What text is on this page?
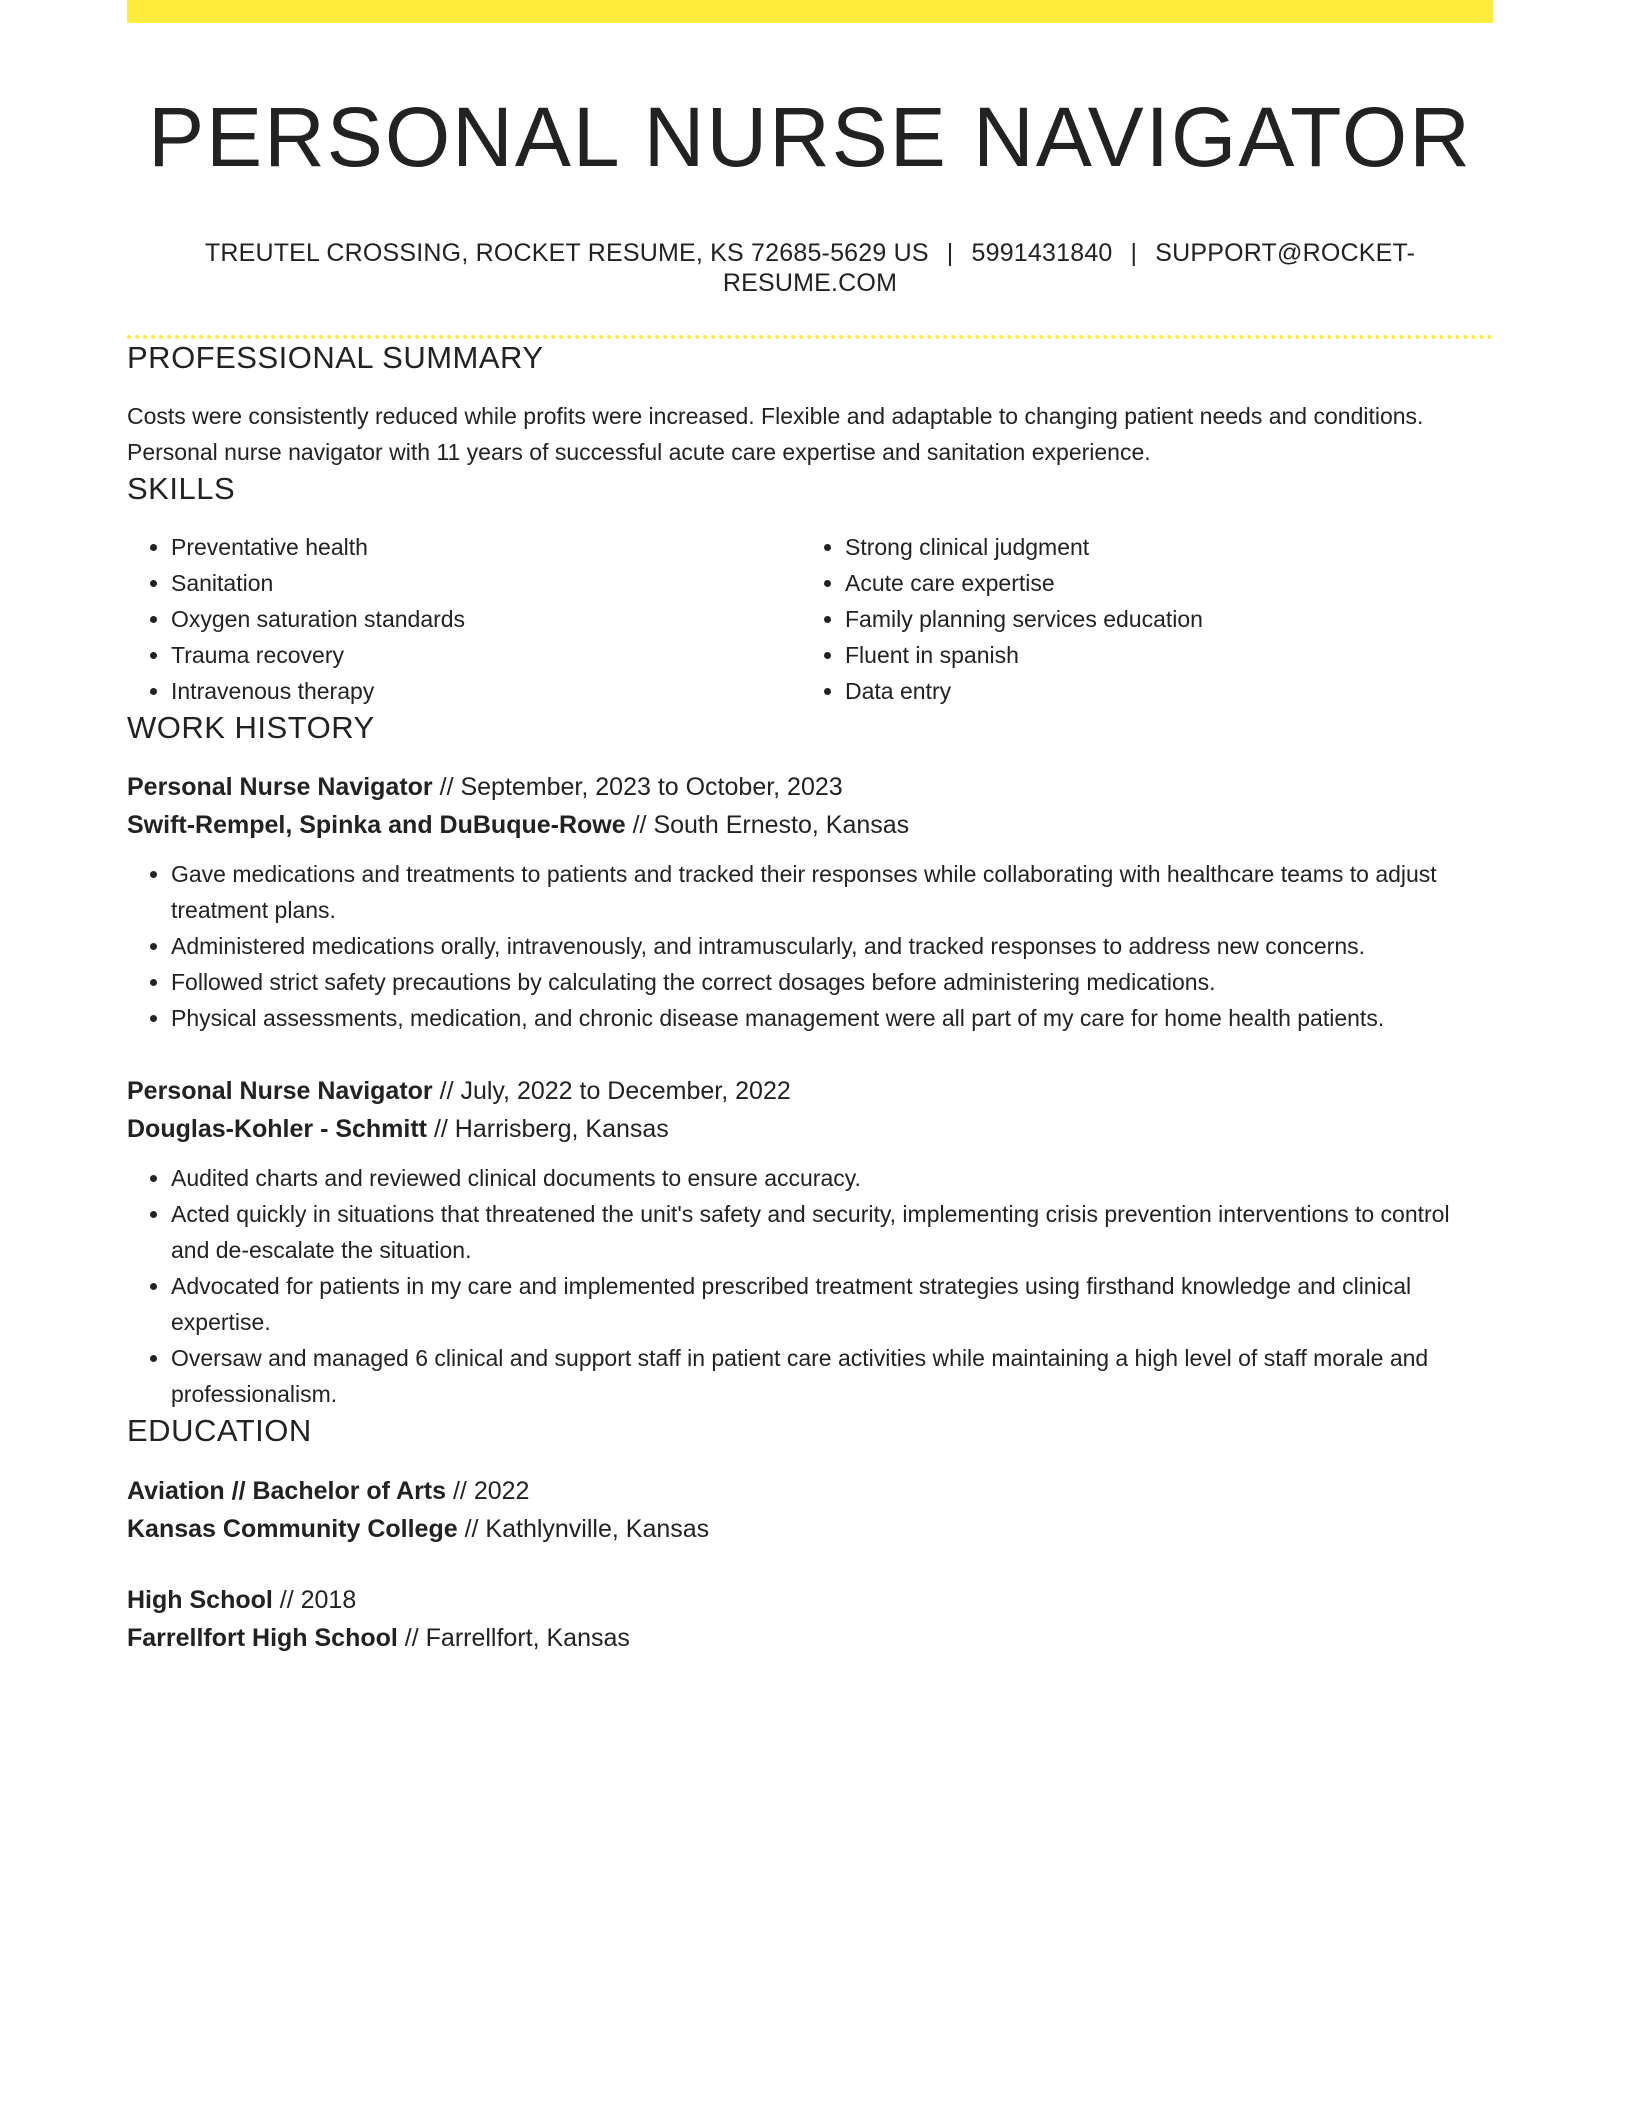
PERSONAL NURSE NAVIGATOR
TREUTEL CROSSING, ROCKET RESUME, KS 72685-5629 US | 5991431840 | SUPPORT@ROCKET-RESUME.COM
PROFESSIONAL SUMMARY

Costs were consistently reduced while profits were increased. Flexible and adaptable to changing patient needs and conditions. Personal nurse navigator with 11 years of successful acute care expertise and sanitation experience.

SKILLS
• Preventative health
• Sanitation
• Oxygen saturation standards
• Trauma recovery
• Intravenous therapy
• Strong clinical judgment
• Acute care expertise
• Family planning services education
• Fluent in spanish
• Data entry
WORK HISTORY
Personal Nurse Navigator // September, 2023 to October, 2023
Swift-Rempel, Spinka and DuBuque-Rowe // South Ernesto, Kansas
• Gave medications and treatments to patients and tracked their responses while collaborating with healthcare teams to adjust treatment plans.
• Administered medications orally, intravenously, and intramuscularly, and tracked responses to address new concerns.
• Followed strict safety precautions by calculating the correct dosages before administering medications.
• Physical assessments, medication, and chronic disease management were all part of my care for home health patients.
Personal Nurse Navigator // July, 2022 to December, 2022
Douglas-Kohler - Schmitt // Harrisberg, Kansas
• Audited charts and reviewed clinical documents to ensure accuracy.
• Acted quickly in situations that threatened the unit's safety and security, implementing crisis prevention interventions to control and de-escalate the situation.
• Advocated for patients in my care and implemented prescribed treatment strategies using firsthand knowledge and clinical expertise.
• Oversaw and managed 6 clinical and support staff in patient care activities while maintaining a high level of staff morale and professionalism.
EDUCATION
Aviation // Bachelor of Arts // 2022
Kansas Community College // Kathlynville, Kansas
High School // 2018
Farrellfort High School // Farrellfort, Kansas
